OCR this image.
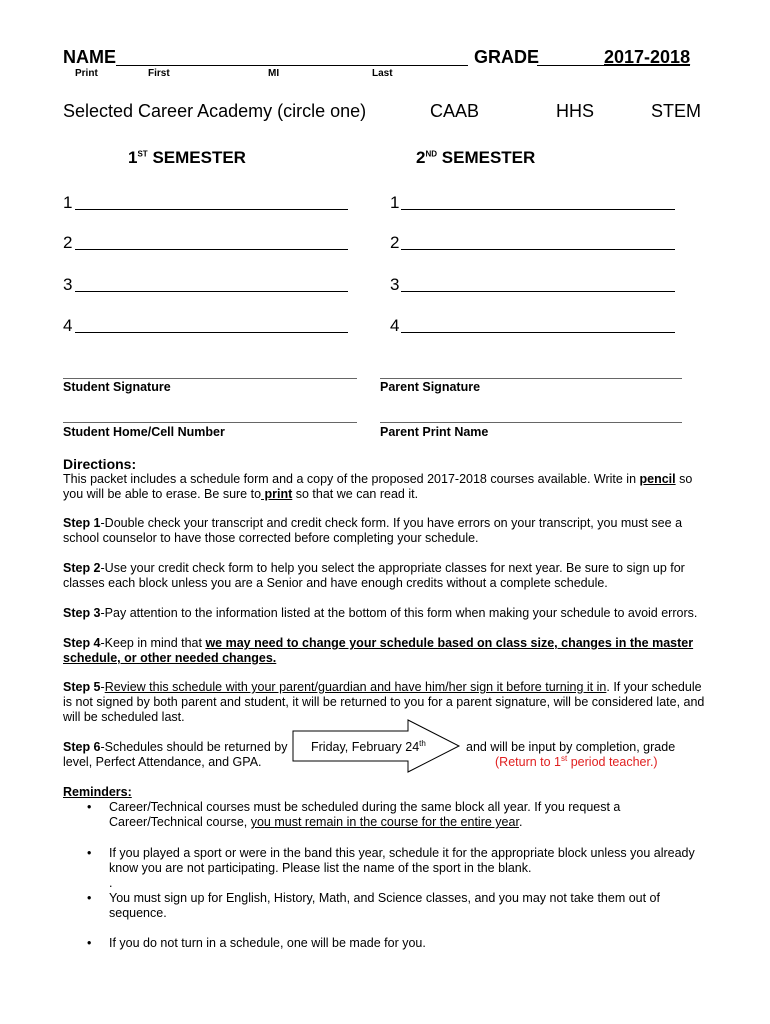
NAME	GRADE	2017-2018
Print	First	MI	Last
Selected Career Academy (circle one)	CAAB	HHS	STEM
1ST SEMESTER	2ND SEMESTER
1	1
2	2
3	3
4	4
Student Signature	Parent Signature
Student Home/Cell Number	Parent Print Name
Directions:
This packet includes a schedule form and a copy of the proposed 2017-2018 courses available. Write in pencil so you will be able to erase. Be sure to print so that we can read it.
Step 1-Double check your transcript and credit check form. If you have errors on your transcript, you must see a school counselor to have those corrected before completing your schedule.
Step 2-Use your credit check form to help you select the appropriate classes for next year. Be sure to sign up for classes each block unless you are a Senior and have enough credits without a complete schedule.
Step 3-Pay attention to the information listed at the bottom of this form when making your schedule to avoid errors.
Step 4-Keep in mind that we may need to change your schedule based on class size, changes in the master schedule, or other needed changes.
Step 5-Review this schedule with your parent/guardian and have him/her sign it before turning it in. If your schedule is not signed by both parent and student, it will be returned to you for a parent signature, will be considered late, and will be scheduled last.
Step 6-Schedules should be returned by
level, Perfect Attendance, and GPA.
Friday, February 24th	and will be input by completion, grade
(Return to 1st period teacher.)
Reminders:
• Career/Technical courses must be scheduled during the same block all year. If you request a Career/Technical course, you must remain in the course for the entire year.
• If you played a sport or were in the band this year, schedule it for the appropriate block unless you already know you are not participating. Please list the name of the sport in the blank.
.
• You must sign up for English, History, Math, and Science classes, and you may not take them out of sequence.
• If you do not turn in a schedule, one will be made for you.
